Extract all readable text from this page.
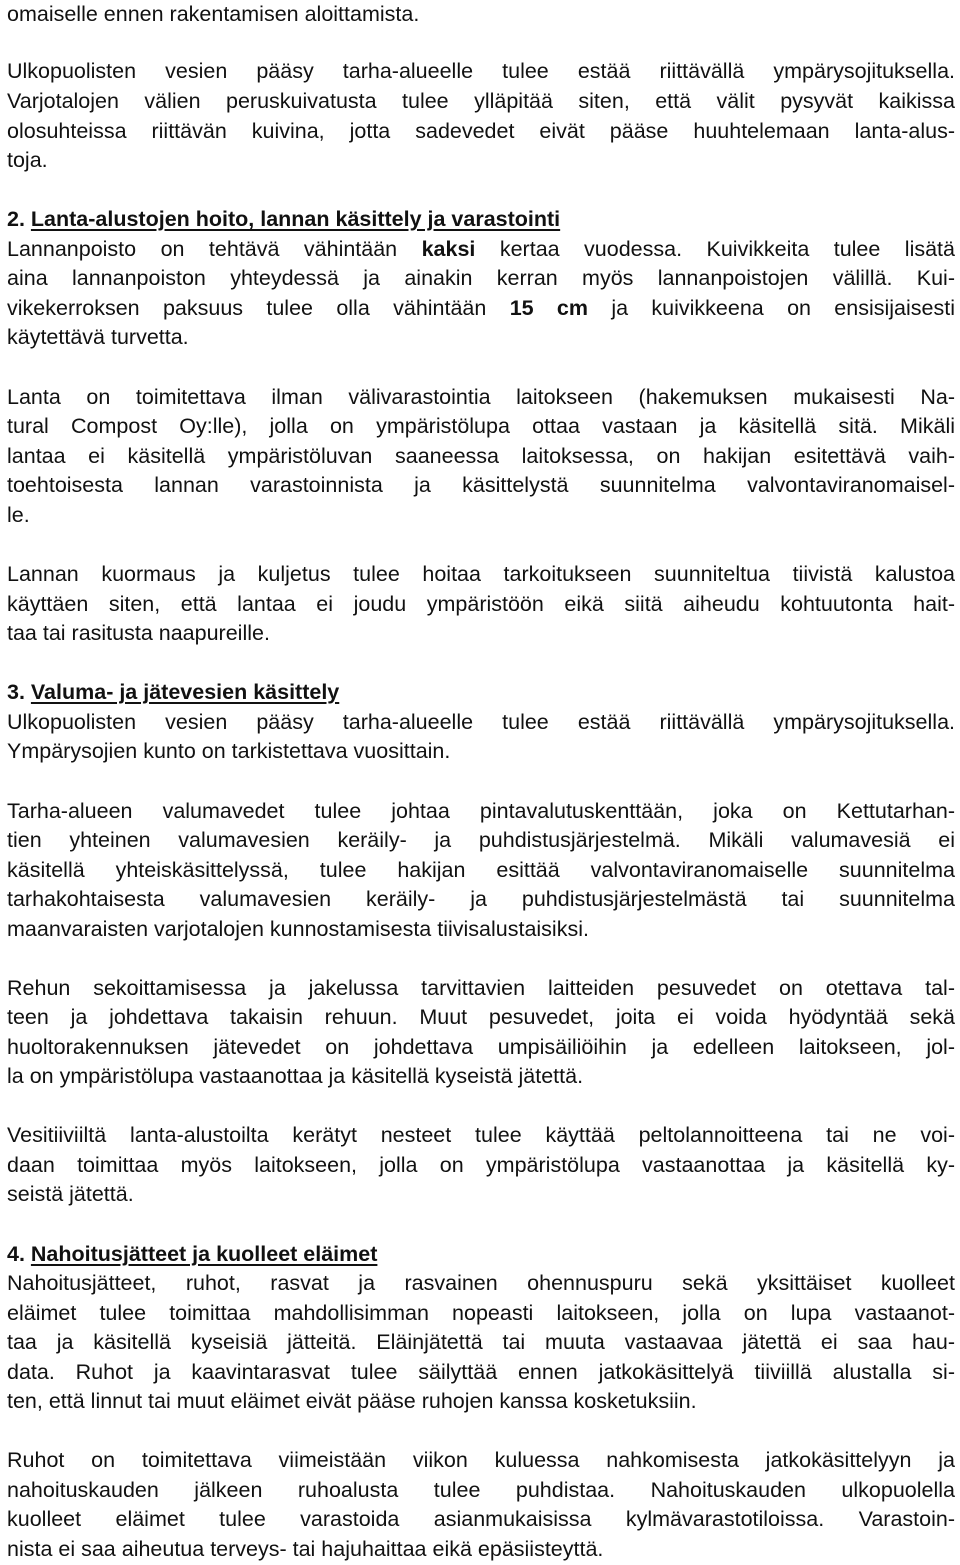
omaiselle ennen rakentamisen aloittamista.
Ulkopuolisten vesien pääsy tarha-alueelle tulee estää riittävällä ympärysojituksella.
Varjotalojen välien peruskuivatusta tulee ylläpitää siten, että välit pysyvät kaikissa
olosuhteissa riittävän kuivina, jotta sadevedet eivät pääse huuhtelemaan lanta-alus-
toja.
2. Lanta-alustojen hoito, lannan käsittely ja varastointi
Lannanpoisto on tehtävä vähintään kaksi kertaa vuodessa. Kuivikkeita tulee lisätä
aina lannanpoiston yhteydessä ja ainakin kerran myös lannanpoistojen välillä. Kui-
vikekerroksen paksuus tulee olla vähintään 15 cm ja kuivikkeena on ensisijaisesti
käytettävä turvetta.
Lanta on toimitettava ilman välivarastointia laitokseen (hakemuksen mukaisesti Na-
tural Compost Oy:lle), jolla on ympäristölupa ottaa vastaan ja käsitellä sitä. Mikäli
lantaa ei käsitellä ympäristöluvan saaneessa laitoksessa, on hakijan esitettävä vaih-
toehtoisesta lannan varastoinnista ja käsittelystä suunnitelma valvontaviranomaisel-
le.
Lannan kuormaus ja kuljetus tulee hoitaa tarkoitukseen suunniteltua tiivistä kalustoa
käyttäen siten, että lantaa ei joudu ympäristöön eikä siitä aiheudu kohtuutonta hait-
taa tai rasitusta naapureille.
3. Valuma- ja jätevesien käsittely
Ulkopuolisten vesien pääsy tarha-alueelle tulee estää riittävällä ympärysojituksella.
Ympärysojien kunto on tarkistettava vuosittain.
Tarha-alueen valumavedet tulee johtaa pintavalutuskenttään, joka on Kettutarhan-
tien yhteinen valumavesien keräily- ja puhdistusjärjestelmä. Mikäli valumavesiä ei
käsitellä yhteiskäsittelyssä, tulee hakijan esittää valvontaviranomaiselle suunnitelma
tarhakohtaisesta valumavesien keräily- ja puhdistusjärjestelmästä tai suunnitelma
maanvaraisten varjotalojen kunnostamisesta tiivisalustaisiksi.
Rehun sekoittamisessa ja jakelussa tarvittavien laitteiden pesuvedet on otettava tal-
teen ja johdettava takaisin rehuun. Muut pesuvedet, joita ei voida hyödyntää sekä
huoltorakennuksen jätevedet on johdettava umpisäiliöihin ja edelleen laitokseen, jol-
la on ympäristölupa vastaanottaa ja käsitellä kyseistä jätettä.
Vesitiiviiltä lanta-alustoilta kerätyt nesteet tulee käyttää peltolannoitteena tai ne voi-
daan toimittaa myös laitokseen, jolla on ympäristölupa vastaanottaa ja käsitellä ky-
seistä jätettä.
4. Nahoitusjätteet ja kuolleet eläimet
Nahoitusjätteet, ruhot, rasvat ja rasvainen ohennuspuru sekä yksittäiset kuolleet
eläimet tulee toimittaa mahdollisimman nopeasti laitokseen, jolla on lupa vastaanot-
taa ja käsitellä kyseisiä jätteitä. Eläinjätettä tai muuta vastaavaa jätettä ei saa hau-
data. Ruhot ja kaavintarasvat tulee säilyttää ennen jatkokäsittelyä tiiviillä alustalla si-
ten, että linnut tai muut eläimet eivät pääse ruhojen kanssa kosketuksiin.
Ruhot on toimitettava viimeistään viikon kuluessa nahkomisesta jatkokäsittelyyn ja
nahoituskauden jälkeen ruhoalusta tulee puhdistaa. Nahoituskauden ulkopuolella
kuolleet eläimet tulee varastoida asianmukaisissa kylmävarastotiloissa. Varastoin-
nista ei saa aiheutua terveys- tai hajuhaittaa eikä epäsiisteyttä.
